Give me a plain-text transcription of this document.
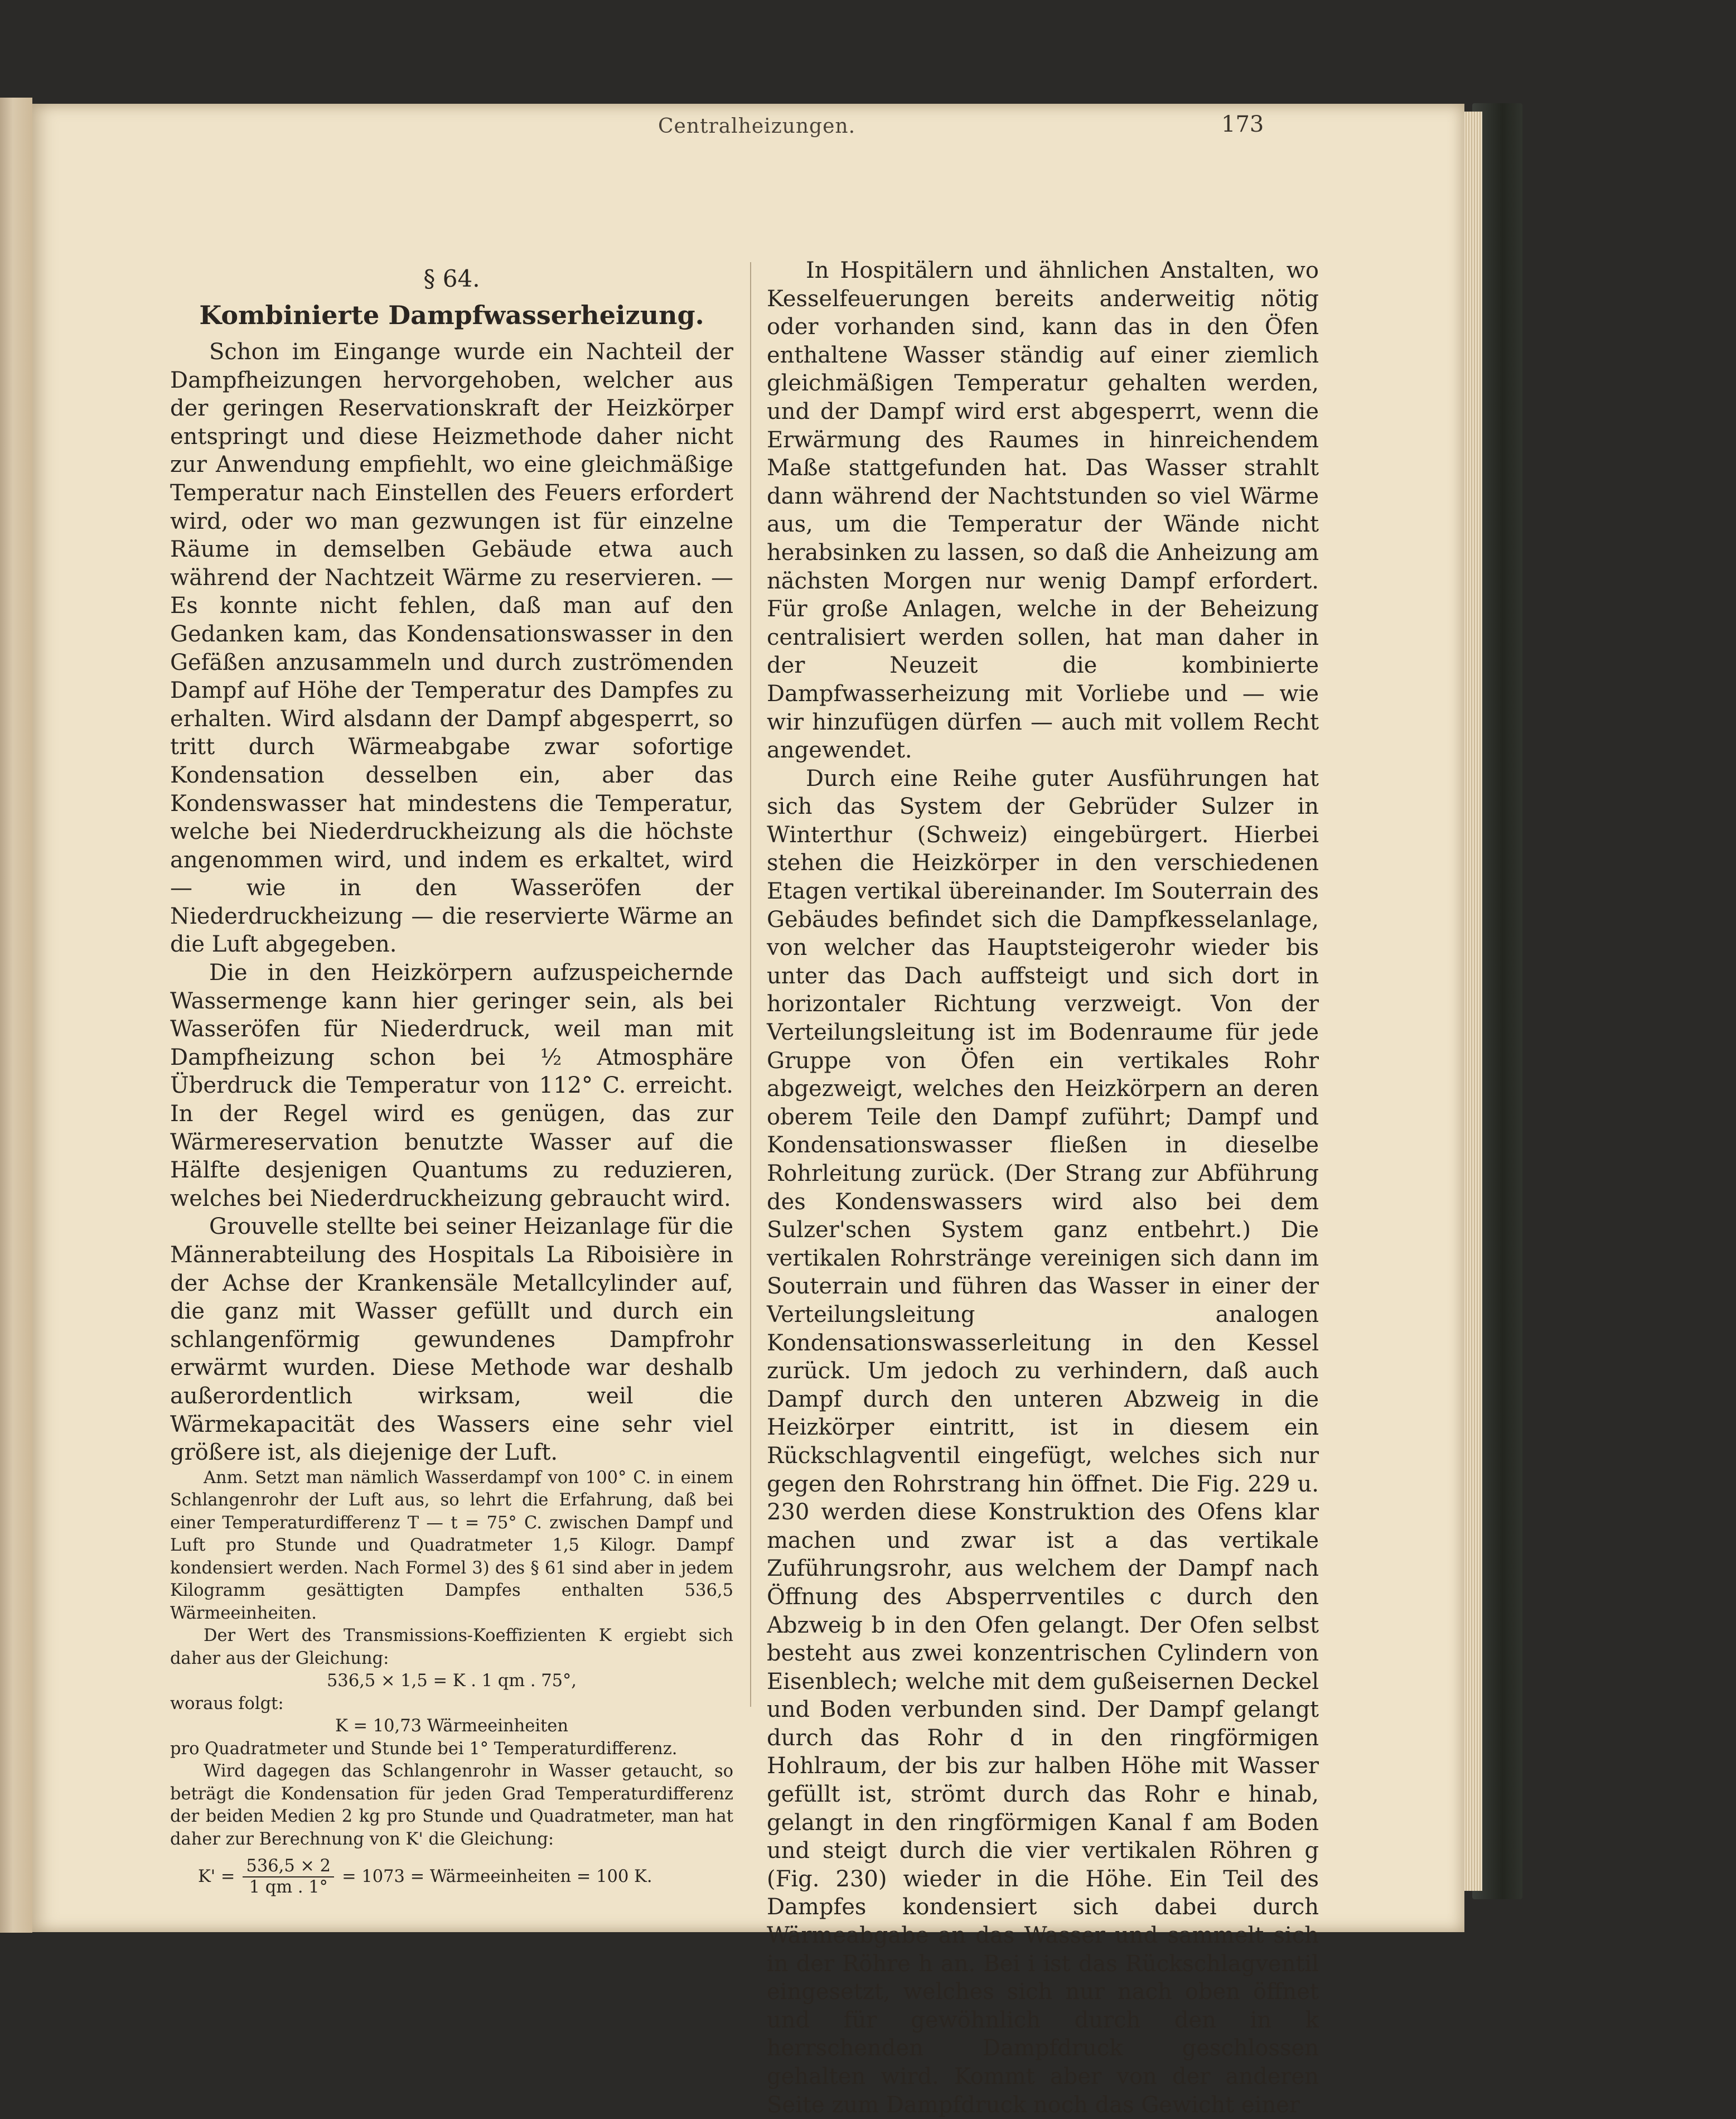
Centralheizungen.	173

§ 64.

Kombinierte Dampfwasserheizung.

Schon im Eingange wurde ein Nachteil der Dampfheizungen hervorgehoben, welcher aus der geringen Reservationskraft der Heizkörper entspringt und diese Heizmethode daher nicht zur Anwendung empfiehlt, wo eine gleichmäßige Temperatur nach Einstellen des Feuers erfordert wird, oder wo man gezwungen ist für einzelne Räume in demselben Gebäude etwa auch während der Nachtzeit Wärme zu reservieren. — Es konnte nicht fehlen, daß man auf den Gedanken kam, das Kondensationswasser in den Gefäßen anzusammeln und durch zuströmenden Dampf auf Höhe der Temperatur des Dampfes zu erhalten. Wird alsdann der Dampf abgesperrt, so tritt durch Wärmeabgabe zwar sofortige Kondensation desselben ein, aber das Kondenswasser hat mindestens die Temperatur, welche bei Niederdruckheizung als die höchste angenommen wird, und indem es erkaltet, wird — wie in den Wasseröfen der Niederdruckheizung — die reservierte Wärme an die Luft abgegeben.

Die in den Heizkörpern aufzuspeichernde Wassermenge kann hier geringer sein, als bei Wasseröfen für Niederdruck, weil man mit Dampfheizung schon bei ½ Atmosphäre Überdruck die Temperatur von 112° C. erreicht. In der Regel wird es genügen, das zur Wärmereservation benutzte Wasser auf die Hälfte desjenigen Quantums zu reduzieren, welches bei Niederdruckheizung gebraucht wird.

Grouvelle stellte bei seiner Heizanlage für die Männerabteilung des Hospitals La Riboisière in der Achse der Krankensäle Metallcylinder auf, die ganz mit Wasser gefüllt und durch ein schlangenförmig gewundenes Dampfrohr erwärmt wurden. Diese Methode war deshalb außerordentlich wirksam, weil die Wärmekapacität des Wassers eine sehr viel größere ist, als diejenige der Luft.

Anm. Setzt man nämlich Wasserdampf von 100° C. in einem Schlangenrohr der Luft aus, so lehrt die Erfahrung, daß bei einer Temperaturdifferenz T — t = 75° C. zwischen Dampf und Luft pro Stunde und Quadratmeter 1,5 Kilogr. Dampf kondensiert werden. Nach Formel 3) des § 61 sind aber in jedem Kilogramm gesättigten Dampfes enthalten 536,5 Wärmeeinheiten.

Der Wert des Transmissions-Koeffizienten K ergiebt sich daher aus der Gleichung:

536,5 × 1,5 = K . 1 qm . 75°,

woraus folgt:

K = 10,73 Wärmeeinheiten

pro Quadratmeter und Stunde bei 1° Temperaturdifferenz.

Wird dagegen das Schlangenrohr in Wasser getaucht, so beträgt die Kondensation für jeden Grad Temperaturdifferenz der beiden Medien 2 kg pro Stunde und Quadratmeter, man hat daher zur Berechnung von K' die Gleichung:

$K' = \frac{536,5 \times 2}{1 qm . 1^\circ} = 1073$ = Wärmeeinheiten = 100 K.

In Hospitälern und ähnlichen Anstalten, wo Kesselfeuerungen bereits anderweitig nötig oder vorhanden sind, kann das in den Öfen enthaltene Wasser ständig auf einer ziemlich gleichmäßigen Temperatur gehalten werden, und der Dampf wird erst abgesperrt, wenn die Erwärmung des Raumes in hinreichendem Maße stattgefunden hat. Das Wasser strahlt dann während der Nachtstunden so viel Wärme aus, um die Temperatur der Wände nicht herabsinken zu lassen, so daß die Anheizung am nächsten Morgen nur wenig Dampf erfordert. Für große Anlagen, welche in der Beheizung centralisiert werden sollen, hat man daher in der Neuzeit die kombinierte Dampfwasserheizung mit Vorliebe und — wie wir hinzufügen dürfen — auch mit vollem Recht angewendet.

Durch eine Reihe guter Ausführungen hat sich das System der Gebrüder Sulzer in Winterthur (Schweiz) eingebürgert. Hierbei stehen die Heizkörper in den verschiedenen Etagen vertikal übereinander. Im Souterrain des Gebäudes befindet sich die Dampfkesselanlage, von welcher das Hauptsteigerohr wieder bis unter das Dach auffsteigt und sich dort in horizontaler Richtung verzweigt. Von der Verteilungsleitung ist im Bodenraume für jede Gruppe von Öfen ein vertikales Rohr abgezweigt, welches den Heizkörpern an deren oberem Teile den Dampf zuführt; Dampf und Kondensationswasser fließen in dieselbe Rohrleitung zurück. (Der Strang zur Abführung des Kondenswassers wird also bei dem Sulzer'schen System ganz entbehrt.) Die vertikalen Rohrstränge vereinigen sich dann im Souterrain und führen das Wasser in einer der Verteilungsleitung analogen Kondensationswasserleitung in den Kessel zurück. Um jedoch zu verhindern, daß auch Dampf durch den unteren Abzweig in die Heizkörper eintritt, ist in diesem ein Rückschlagventil eingefügt, welches sich nur gegen den Rohrstrang hin öffnet. Die Fig. 229 u. 230 werden diese Konstruktion des Ofens klar machen und zwar ist a das vertikale Zuführungsrohr, aus welchem der Dampf nach Öffnung des Absperrventiles c durch den Abzweig b in den Ofen gelangt. Der Ofen selbst besteht aus zwei konzentrischen Cylindern von Eisenblech; welche mit dem gußeisernen Deckel und Boden verbunden sind. Der Dampf gelangt durch das Rohr d in den ringförmigen Hohlraum, der bis zur halben Höhe mit Wasser gefüllt ist, strömt durch das Rohr e hinab, gelangt in den ringförmigen Kanal f am Boden und steigt durch die vier vertikalen Röhren g (Fig. 230) wieder in die Höhe. Ein Teil des Dampfes kondensiert sich dabei durch Wärmeabgabe an das Wasser und sammelt sich in der Röhre h an. Bei i ist das Rückschlagventil eingesetzt, welches sich nur nach oben öffnet und für gewöhnlich durch den in k herrschenden Dampfdruck geschlossen gehalten wird. Kommt aber von der anderen Seite zum Dampfdruck noch das Gewicht einer
